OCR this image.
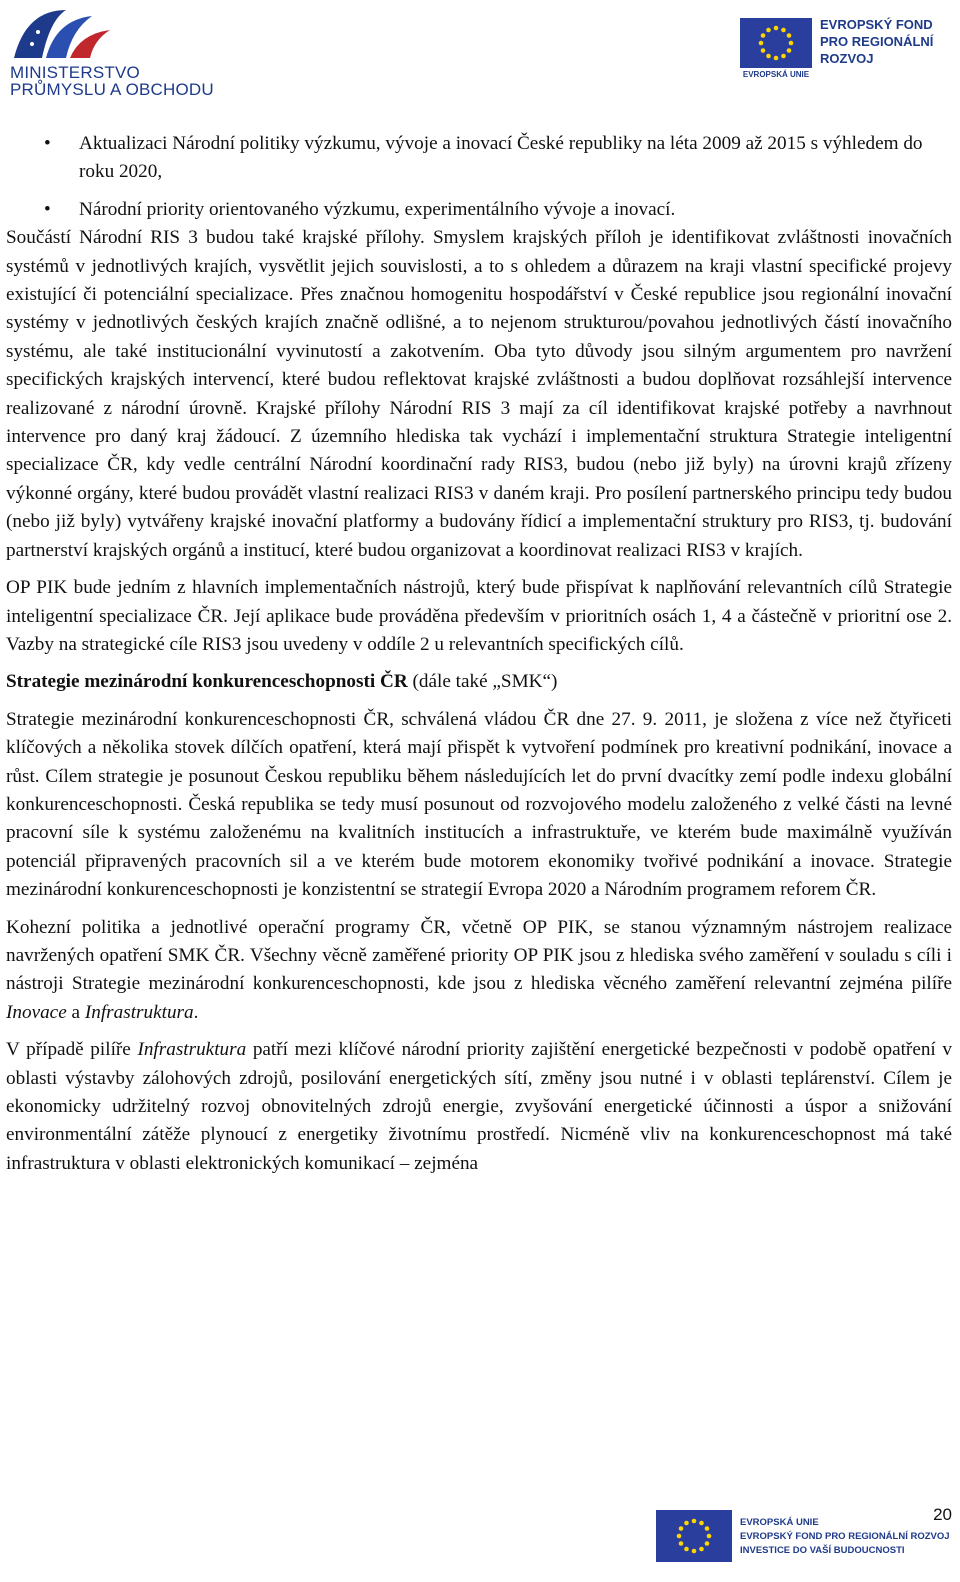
MINISTERSTVO
PRŮMYSLU A OBCHODU
EVROPSKÁ UNIE
EVROPSKÝ FOND
PRO REGIONÁLNÍ
ROZVOJ

• Aktualizaci Národní politiky výzkumu, vývoje a inovací České republiky na léta 2009 až 2015 s výhledem do roku 2020,

• Národní priority orientovaného výzkumu, experimentálního vývoje a inovací.

Součástí Národní RIS 3 budou také krajské přílohy. Smyslem krajských příloh je identifikovat zvláštnosti inovačních systémů v jednotlivých krajích, vysvětlit jejich souvislosti, a to s ohledem a důrazem na kraji vlastní specifické projevy existující či potenciální specializace. Přes značnou homogenitu hospodářství v České republice jsou regionální inovační systémy v jednotlivých českých krajích značně odlišné, a to nejenom strukturou/povahou jednotlivých částí inovačního systému, ale také institucionální vyvinutostí a zakotvením. Oba tyto důvody jsou silným argumentem pro navržení specifických krajských intervencí, které budou reflektovat krajské zvláštnosti a budou doplňovat rozsáhlejší intervence realizované z národní úrovně. Krajské přílohy Národní RIS 3 mají za cíl identifikovat krajské potřeby a navrhnout intervence pro daný kraj žádoucí. Z územního hlediska tak vychází i implementační struktura Strategie inteligentní specializace ČR, kdy vedle centrální Národní koordinační rady RIS3, budou (nebo již byly) na úrovni krajů zřízeny výkonné orgány, které budou provádět vlastní realizaci RIS3 v daném kraji. Pro posílení partnerského principu tedy budou (nebo již byly) vytvářeny krajské inovační platformy a budovány řídicí a implementační struktury pro RIS3, tj. budování partnerství krajských orgánů a institucí, které budou organizovat a koordinovat realizaci RIS3 v krajích.

OP PIK bude jedním z hlavních implementačních nástrojů, který bude přispívat k naplňování relevantních cílů Strategie inteligentní specializace ČR. Její aplikace bude prováděna především v prioritních osách 1, 4 a částečně v prioritní ose 2. Vazby na strategické cíle RIS3 jsou uvedeny v oddíle 2 u relevantních specifických cílů.

Strategie mezinárodní konkurenceschopnosti ČR (dále také „SMK“)

Strategie mezinárodní konkurenceschopnosti ČR, schválená vládou ČR dne 27. 9. 2011, je složena z více než čtyřiceti klíčových a několika stovek dílčích opatření, která mají přispět k vytvoření podmínek pro kreativní podnikání, inovace a růst. Cílem strategie je posunout Českou republiku během následujících let do první dvacítky zemí podle indexu globální konkurenceschopnosti. Česká republika se tedy musí posunout od rozvojového modelu založeného z velké části na levné pracovní síle k systému založenému na kvalitních institucích a infrastruktuře, ve kterém bude maximálně využíván potenciál připravených pracovních sil a ve kterém bude motorem ekonomiky tvořivé podnikání a inovace. Strategie mezinárodní konkurenceschopnosti je konzistentní se strategií Evropa 2020 a Národním programem reforem ČR.

Kohezní politika a jednotlivé operační programy ČR, včetně OP PIK, se stanou významným nástrojem realizace navržených opatření SMK ČR. Všechny věcně zaměřené priority OP PIK jsou z hlediska svého zaměření v souladu s cíli i nástroji Strategie mezinárodní konkurenceschopnosti, kde jsou z hlediska věcného zaměření relevantní zejména pilíře Inovace a Infrastruktura.

V případě pilíře Infrastruktura patří mezi klíčové národní priority zajištění energetické bezpečnosti v podobě opatření v oblasti výstavby zálohových zdrojů, posilování energetických sítí, změny jsou nutné i v oblasti teplárenství. Cílem je ekonomicky udržitelný rozvoj obnovitelných zdrojů energie, zvyšování energetické účinnosti a úspor a snižování environmentální zátěže plynoucí z energetiky životnímu prostředí. Nicméně vliv na konkurenceschopnost má také infrastruktura v oblasti elektronických komunikací – zejména

20
EVROPSKÁ UNIE
EVROPSKÝ FOND PRO REGIONÁLNÍ ROZVOJ
INVESTICE DO VAŠÍ BUDOUCNOSTI
